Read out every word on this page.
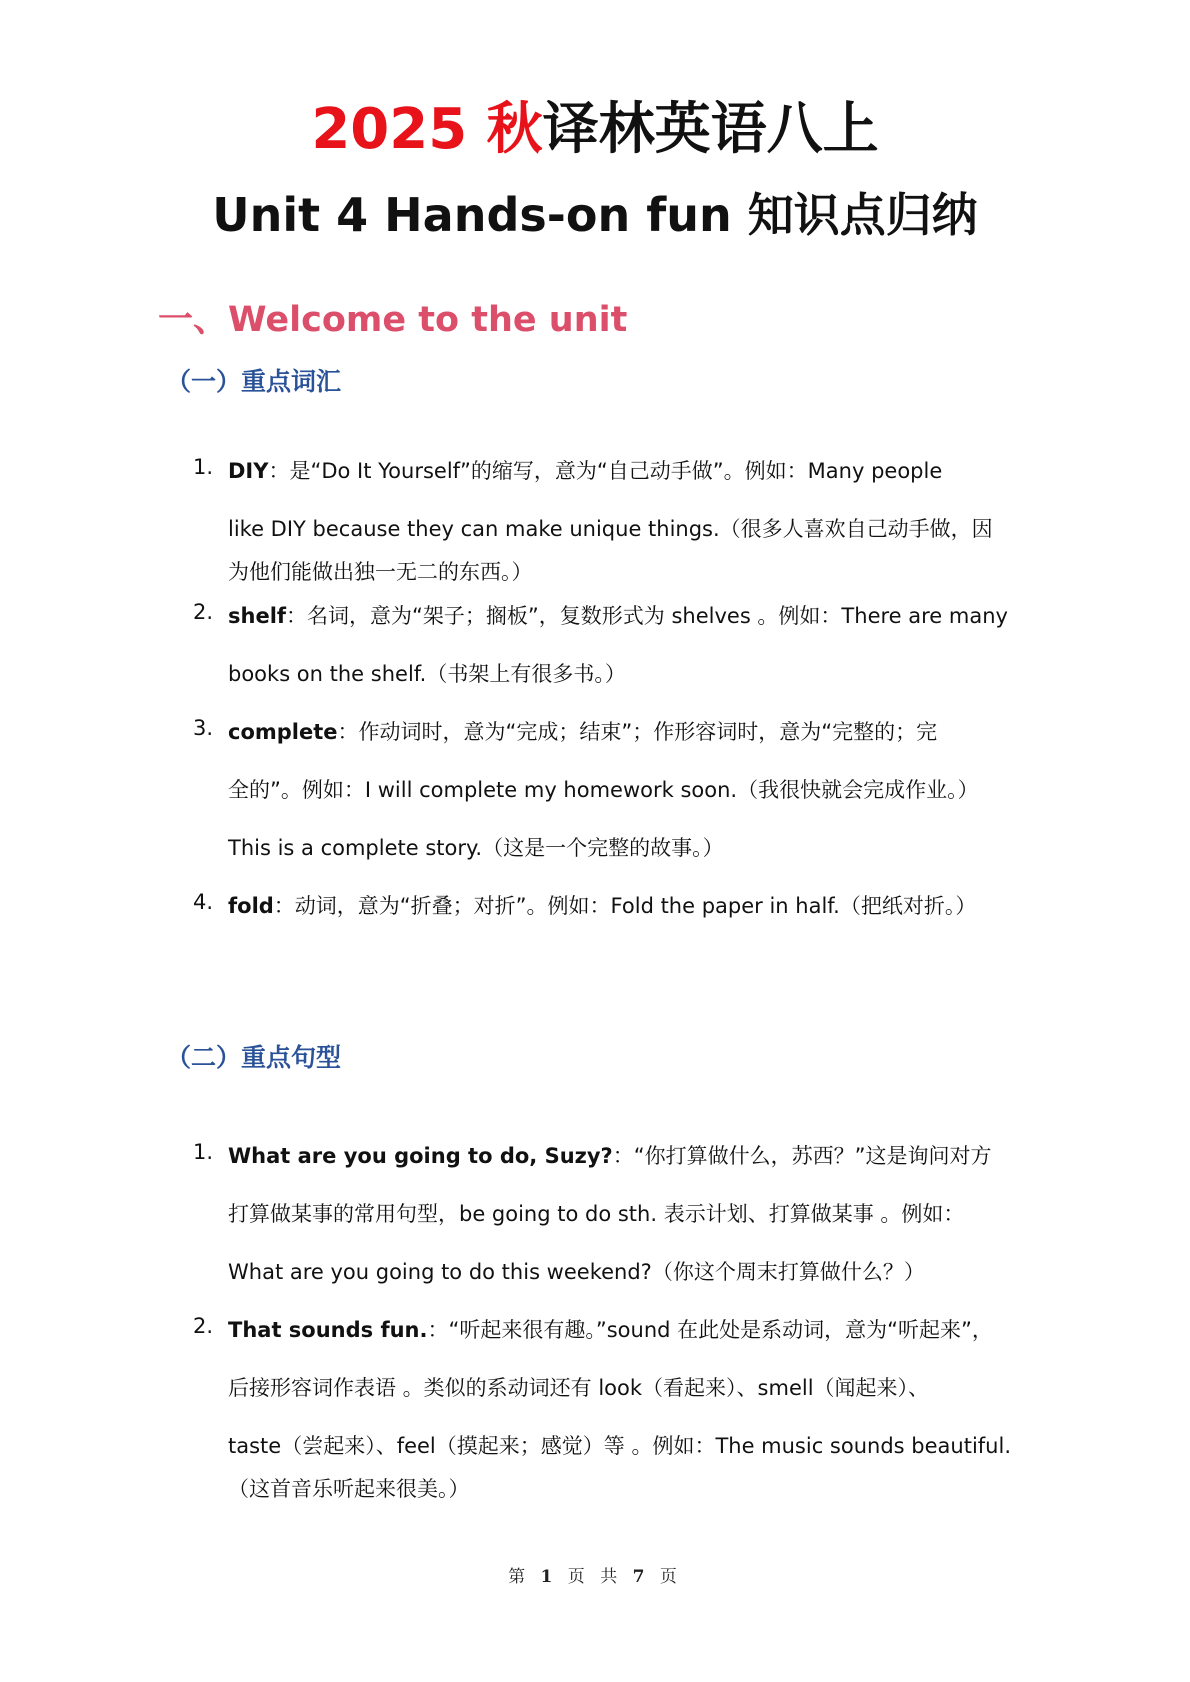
2025 秋译林英语八上
Unit 4 Hands-on fun 知识点归纳
一、Welcome to the unit
（一）重点词汇
1. DIY：是“Do It Yourself”的缩写，意为“自己动手做”。例如：Many people
like DIY because they can make unique things.（很多人喜欢自己动手做，因
为他们能做出独一无二的东西。）
2. shelf：名词，意为“架子；搁板”，复数形式为 shelves 。例如：There are many
books on the shelf.（书架上有很多书。）
3. complete：作动词时，意为“完成；结束”；作形容词时，意为“完整的；完
全的”。例如：I will complete my homework soon.（我很快就会完成作业。）
This is a complete story.（这是一个完整的故事。）
4. fold：动词，意为“折叠；对折”。例如：Fold the paper in half.（把纸对折。）
（二）重点句型
1. What are you going to do, Suzy?：“你打算做什么，苏西？”这是询问对方
打算做某事的常用句型，be going to do sth. 表示计划、打算做某事 。例如：
What are you going to do this weekend?（你这个周末打算做什么？）
2. That sounds fun.：“听起来很有趣。”sound 在此处是系动词，意为“听起来”，
后接形容词作表语 。类似的系动词还有 look（看起来）、smell（闻起来）、
taste（尝起来）、feel（摸起来；感觉）等 。例如：The music sounds beautiful.
（这首音乐听起来很美。）
第 1 页 共 7 页
